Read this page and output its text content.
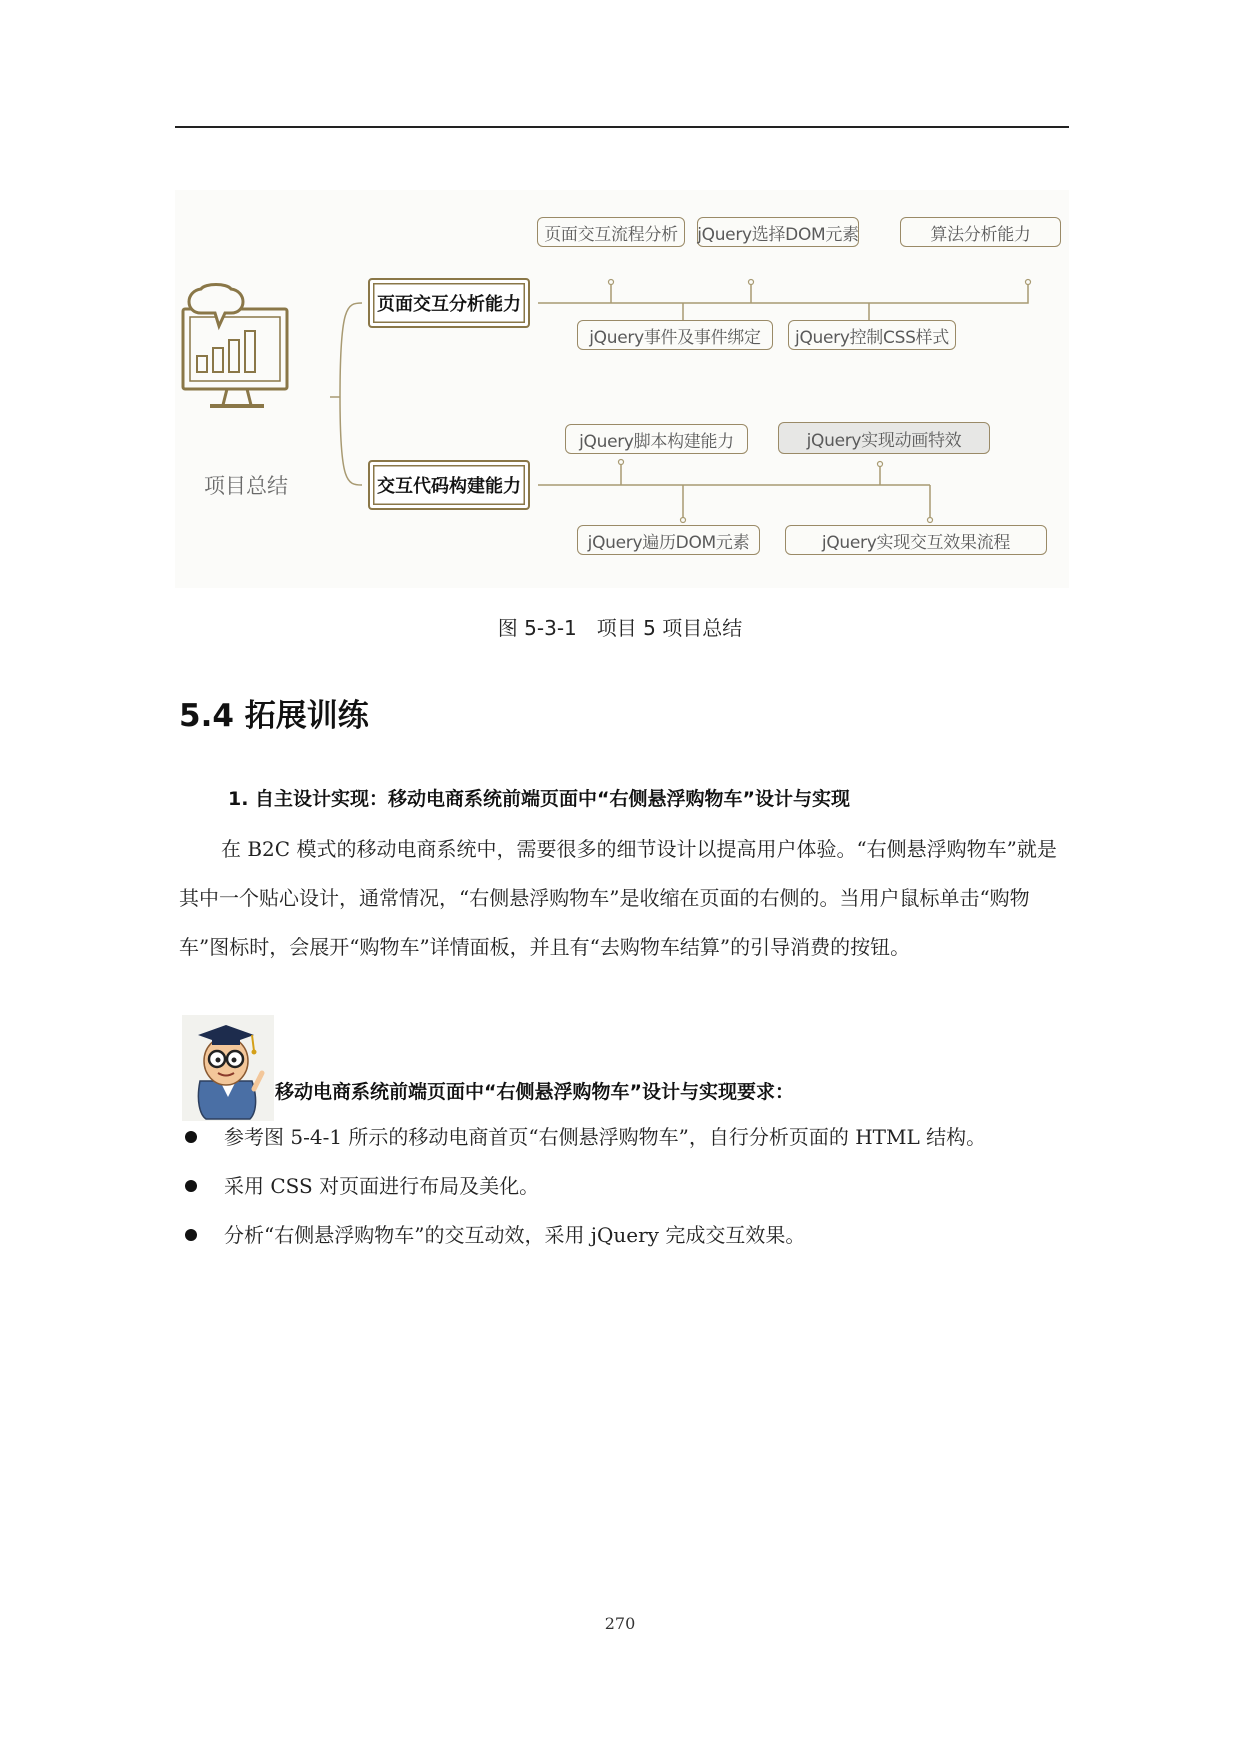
项目总结
页面交互分析能力
交互代码构建能力
页面交互流程分析	jQuery选择DOM元素	算法分析能力
jQuery事件及事件绑定	jQuery控制CSS样式
jQuery脚本构建能力	jQuery实现动画特效
jQuery遍历DOM元素	jQuery实现交互效果流程
图 5-3-1　项目 5 项目总结
5.4 拓展训练
1. 自主设计实现：移动电商系统前端页面中“右侧悬浮购物车”设计与实现

在 B2C 模式的移动电商系统中，需要很多的细节设计以提高用户体验。“右侧悬浮购物车”就是其中一个贴心设计，通常情况，“右侧悬浮购物车”是收缩在页面的右侧的。当用户鼠标单击“购物车”图标时，会展开“购物车”详情面板，并且有“去购物车结算”的引导消费的按钮。

移动电商系统前端页面中“右侧悬浮购物车”设计与实现要求：
参考图 5-4-1 所示的移动电商首页“右侧悬浮购物车”，自行分析页面的 HTML 结构。
采用 CSS 对页面进行布局及美化。
分析“右侧悬浮购物车”的交互动效，采用 jQuery 完成交互效果。
270
